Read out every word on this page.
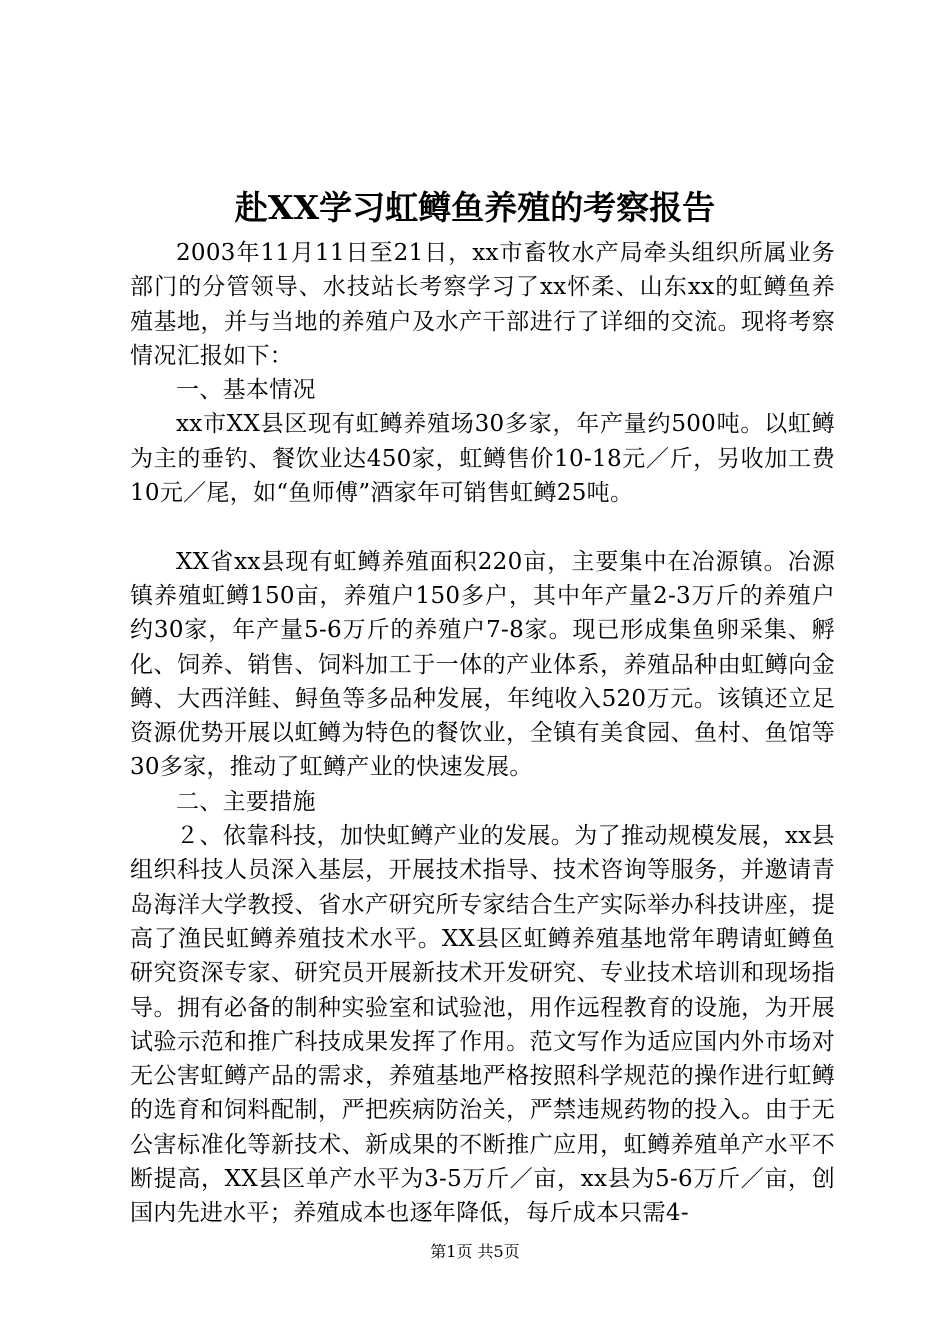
赴XX学习虹鳟鱼养殖的考察报告

2003年11月11日至21日，xx市畜牧水产局牵头组织所属业务部门的分管领导、水技站长考察学习了xx怀柔、山东xx的虹鳟鱼养殖基地，并与当地的养殖户及水产干部进行了详细的交流。现将考察情况汇报如下：

一、基本情况

xx市XX县区现有虹鳟养殖场30多家，年产量约500吨。以虹鳟为主的垂钓、餐饮业达450家，虹鳟售价10-18元／斤，另收加工费10元／尾，如“鱼师傅”酒家年可销售虹鳟25吨。

XX省xx县现有虹鳟养殖面积220亩，主要集中在冶源镇。冶源镇养殖虹鳟150亩，养殖户150多户，其中年产量2-3万斤的养殖户约30家，年产量5-6万斤的养殖户7-8家。现已形成集鱼卵采集、孵化、饲养、销售、饲料加工于一体的产业体系，养殖品种由虹鳟向金鳟、大西洋鲑、鲟鱼等多品种发展，年纯收入520万元。该镇还立足资源优势开展以虹鳟为特色的餐饮业，全镇有美食园、鱼村、鱼馆等30多家，推动了虹鳟产业的快速发展。

二、主要措施

２、依靠科技，加快虹鳟产业的发展。为了推动规模发展，xx县组织科技人员深入基层，开展技术指导、技术咨询等服务，并邀请青岛海洋大学教授、省水产研究所专家结合生产实际举办科技讲座，提高了渔民虹鳟养殖技术水平。XX县区虹鳟养殖基地常年聘请虹鳟鱼研究资深专家、研究员开展新技术开发研究、专业技术培训和现场指导。拥有必备的制种实验室和试验池，用作远程教育的设施，为开展试验示范和推广科技成果发挥了作用。范文写作为适应国内外市场对无公害虹鳟产品的需求，养殖基地严格按照科学规范的操作进行虹鳟的选育和饲料配制，严把疾病防治关，严禁违规药物的投入。由于无公害标准化等新技术、新成果的不断推广应用，虹鳟养殖单产水平不断提高，XX县区单产水平为3-5万斤／亩，xx县为5-6万斤／亩，创国内先进水平；养殖成本也逐年降低，每斤成本只需4-

第1页 共5页
